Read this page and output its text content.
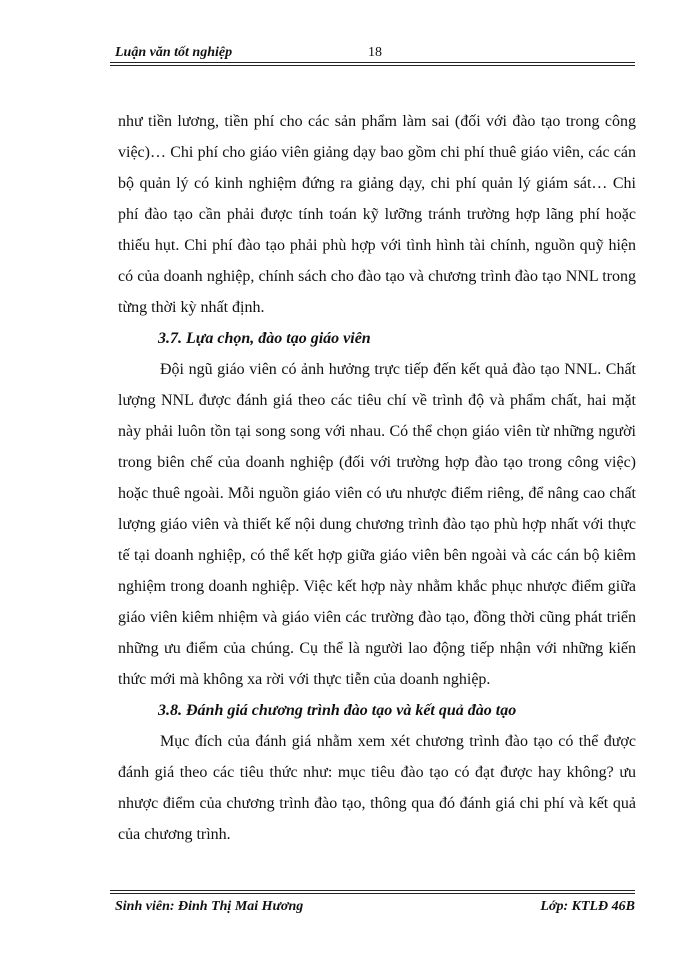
Luận văn tốt nghiệp	18

như tiền lương, tiền phí cho các sản phẩm làm sai (đối với đào tạo trong công việc)… Chi phí cho giáo viên giảng dạy bao gồm chi phí thuê giáo viên, các cán bộ quản lý có kinh nghiệm đứng ra giảng dạy, chi phí quản lý giám sát… Chi phí đào tạo cần phải được tính toán kỹ lưỡng tránh trường hợp lãng phí hoặc thiếu hụt. Chi phí đào tạo phải phù hợp với tình hình tài chính, nguồn quỹ hiện có của doanh nghiệp, chính sách cho đào tạo và chương trình đào tạo NNL trong từng thời kỳ nhất định.

3.7. Lựa chọn, đào tạo giáo viên

Đội ngũ giáo viên có ảnh hưởng trực tiếp đến kết quả đào tạo NNL. Chất lượng NNL được đánh giá theo các tiêu chí về trình độ và phẩm chất, hai mặt này phải luôn tồn tại song song với nhau. Có thể chọn giáo viên từ những người trong biên chế của doanh nghiệp (đối với trường hợp đào tạo trong công việc) hoặc thuê ngoài. Mỗi nguồn giáo viên có ưu nhược điểm riêng, để nâng cao chất lượng giáo viên và thiết kế nội dung chương trình đào tạo phù hợp nhất với thực tế tại doanh nghiệp, có thể kết hợp giữa giáo viên bên ngoài và các cán bộ kiêm nghiệm trong doanh nghiệp. Việc kết hợp này nhằm khắc phục nhược điểm giữa giáo viên kiêm nhiệm và giáo viên các trường đào tạo, đồng thời cũng phát triển những ưu điểm của chúng. Cụ thể là người lao động tiếp nhận với những kiến thức mới mà không xa rời với thực tiễn của doanh nghiệp.

3.8. Đánh giá chương trình đào tạo và kết quả đào tạo

Mục đích của đánh giá nhằm xem xét chương trình đào tạo có thể được đánh giá theo các tiêu thức như: mục tiêu đào tạo có đạt được hay không? ưu nhược điểm của chương trình đào tạo, thông qua đó đánh giá chi phí và kết quả của chương trình.

Sinh viên: Đinh Thị Mai Hương	Lớp: KTLĐ 46B
